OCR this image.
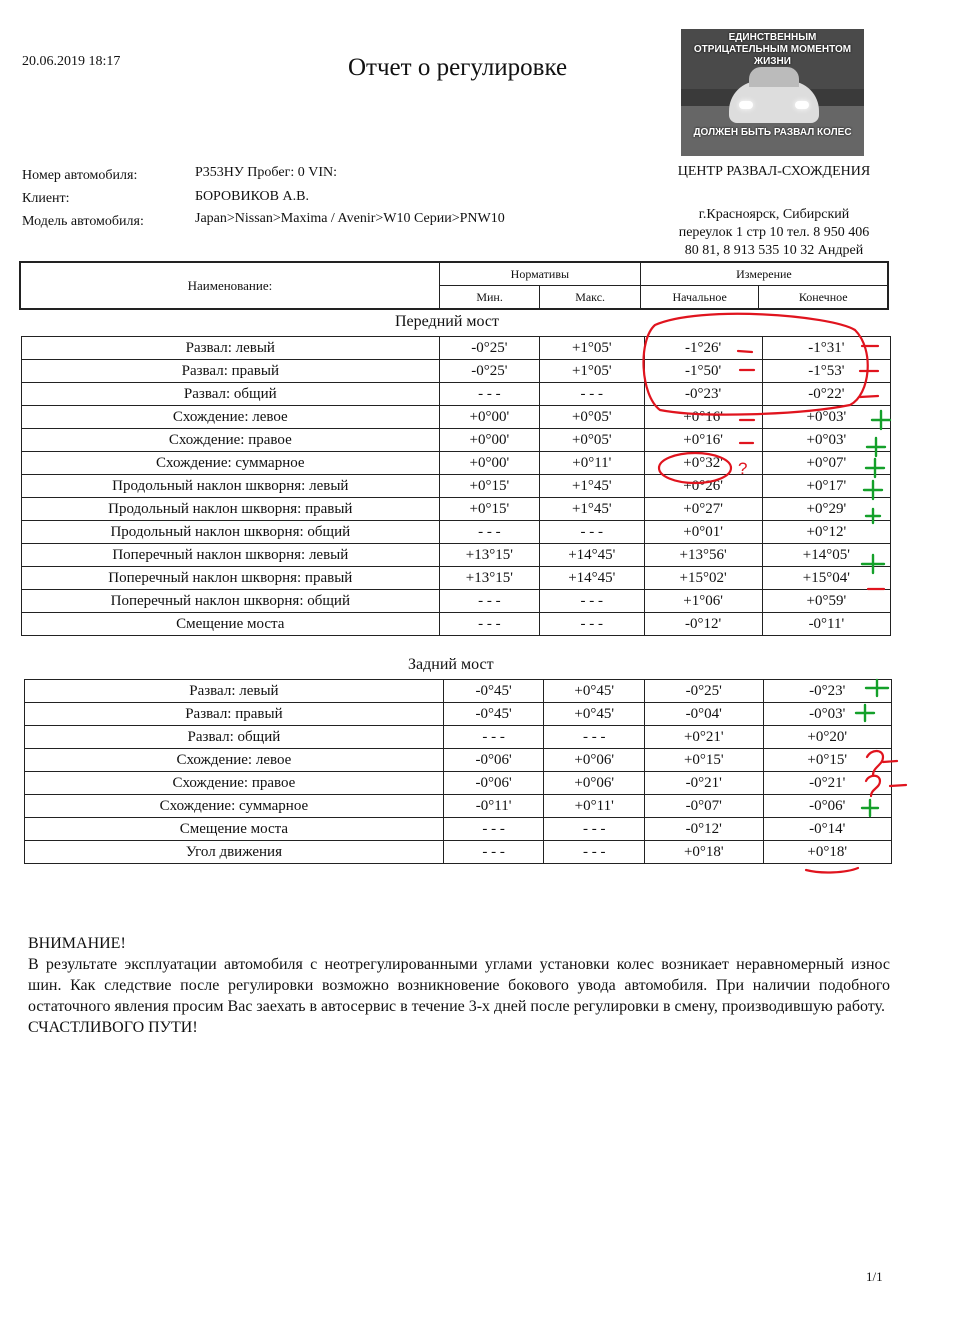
20.06.2019 18:17	Отчет о регулировке
ЕДИНСТВЕННЫМ ОТРИЦАТЕЛЬНЫМ МОМЕНТОМ ЖИЗНИ
ДОЛЖЕН БЫТЬ РАЗВАЛ КОЛЕС
Номер автомобиля:	Р353НУ Пробег: 0 VIN:
Клиент:	БОРОВИКОВ А.В.
Модель автомобиля:	Japan>Nissan>Maxima / Avenir>W10 Серии>PNW10
ЦЕНТР РАЗВАЛ-СХОЖДЕНИЯ
г.Красноярск, Сибирский
переулок 1 стр 10 тел. 8 950 406
80 81, 8 913 535 10 32 Андрей
Наименование:	Нормативы		Измерение	
	Мин.	Макс.	Начальное	Конечное
Передний мост
Развал: левый	-0°25'	+1°05'	-1°26'	-1°31'
Развал: правый	-0°25'	+1°05'	-1°50'	-1°53'
Развал: общий	- - -	- - -	-0°23'	-0°22'
Схождение: левое	+0°00'	+0°05'	+0°16'	+0°03'
Схождение: правое	+0°00'	+0°05'	+0°16'	+0°03'
Схождение: суммарное	+0°00'	+0°11'	+0°32'	+0°07'
Продольный наклон шкворня: левый	+0°15'	+1°45'	+0°26'	+0°17'
Продольный наклон шкворня: правый	+0°15'	+1°45'	+0°27'	+0°29'
Продольный наклон шкворня: общий	- - -	- - -	+0°01'	+0°12'
Поперечный наклон шкворня: левый	+13°15'	+14°45'	+13°56'	+14°05'
Поперечный наклон шкворня: правый	+13°15'	+14°45'	+15°02'	+15°04'
Поперечный наклон шкворня: общий	- - -	- - -	+1°06'	+0°59'
Смещение моста	- - -	- - -	-0°12'	-0°11'
Задний мост
Развал: левый	-0°45'	+0°45'	-0°25'	-0°23'
Развал: правый	-0°45'	+0°45'	-0°04'	-0°03'
Развал: общий	- - -	- - -	+0°21'	+0°20'
Схождение: левое	-0°06'	+0°06'	+0°15'	+0°15'
Схождение: правое	-0°06'	+0°06'	-0°21'	-0°21'
Схождение: суммарное	-0°11'	+0°11'	-0°07'	-0°06'
Смещение моста	- - -	- - -	-0°12'	-0°14'
Угол движения	- - -	- - -	+0°18'	+0°18'

ВНИМАНИЕ!

В результате эксплуатации автомобиля с неотрегулированными углами установки колес возникает неравномерный износ шин. Как следствие после регулировки возможно возникновение бокового увода автомобиля. При наличии подобного остаточного явления просим Вас заехать в автосервис в течение 3-х дней после регулировки в смену, производившую работу.

СЧАСТЛИВОГО ПУТИ!

1/1
?
